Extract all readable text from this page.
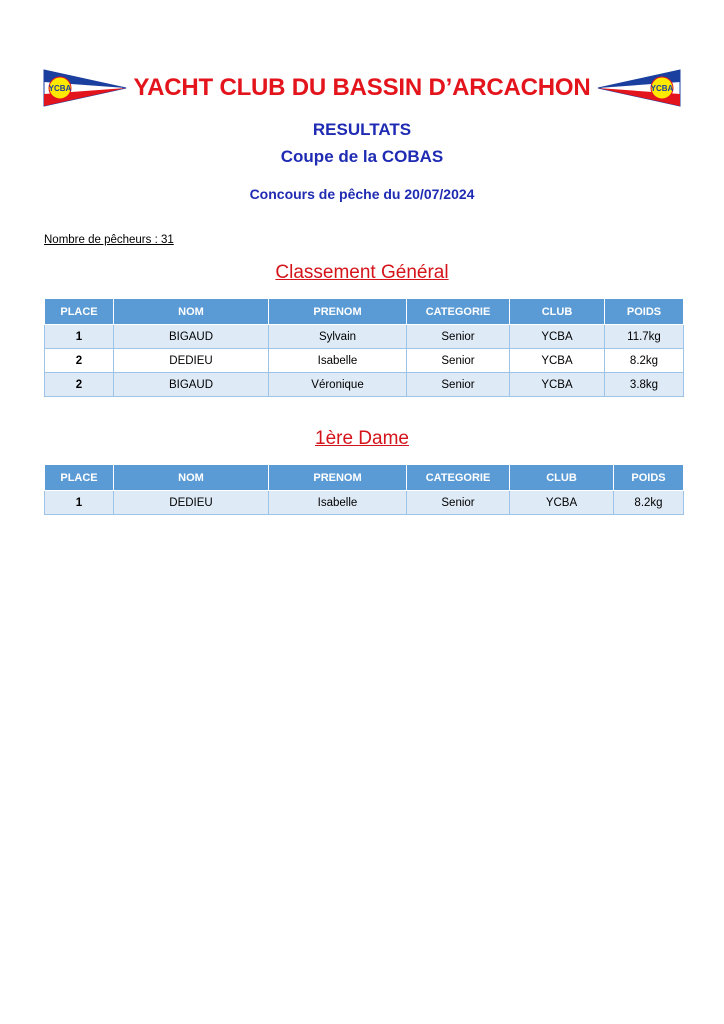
YCBA	YACHT CLUB DU BASSIN D’ARCACHON	YCBA
RESULTATS
Coupe de la COBAS
Concours de pêche du 20/07/2024
Nombre de pêcheurs : 31
Classement Général
PLACE	NOM	PRENOM	CATEGORIE	CLUB	POIDS
1	BIGAUD	Sylvain	Senior	YCBA	11.7kg
2	DEDIEU	Isabelle	Senior	YCBA	8.2kg
2	BIGAUD	Véronique	Senior	YCBA	3.8kg
1ère Dame
PLACE	NOM	PRENOM	CATEGORIE	CLUB	POIDS
1	DEDIEU	Isabelle	Senior	YCBA	8.2kg
